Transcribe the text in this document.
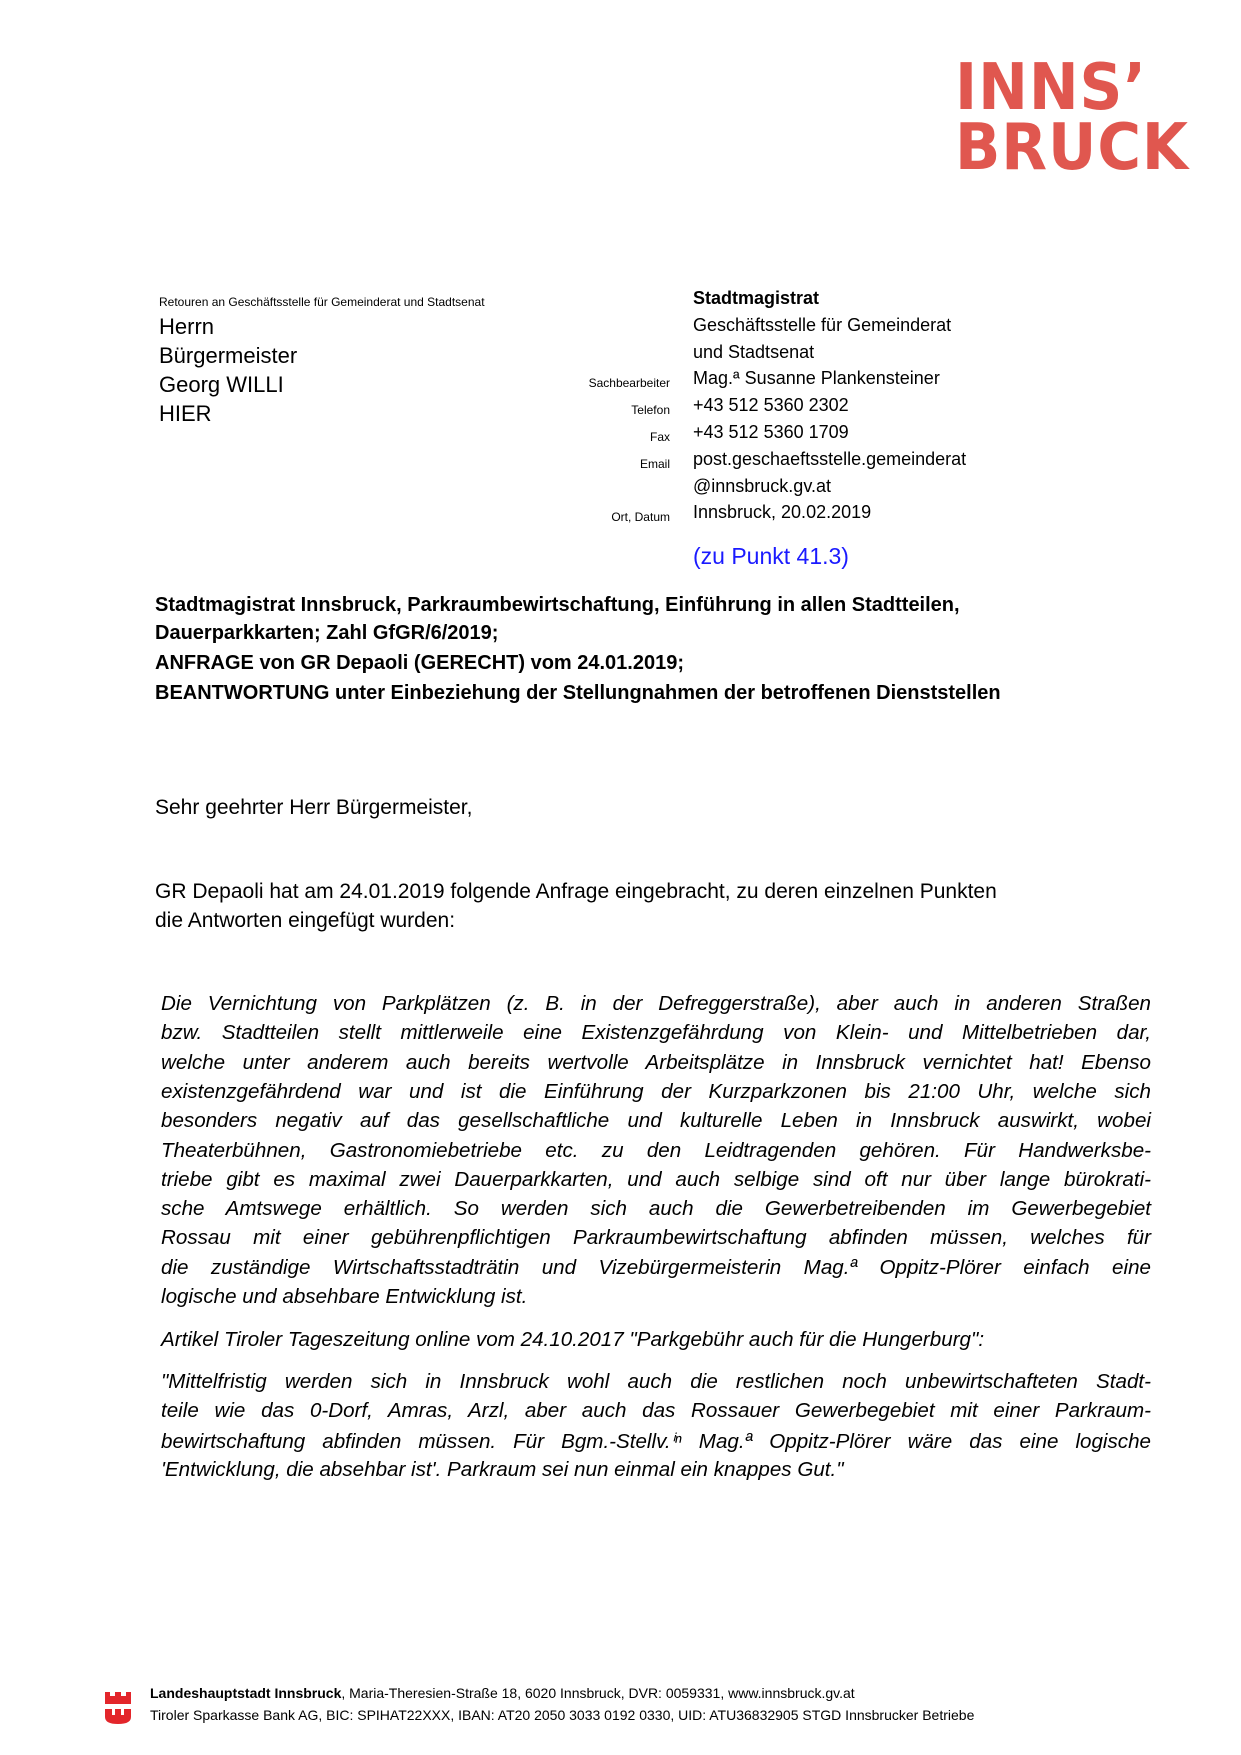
INNS’
BRUCK
Retouren an Geschäftsstelle für Gemeinderat und Stadtsenat
Herrn
Bürgermeister
Georg WILLI
HIER
Stadtmagistrat
Geschäftsstelle für Gemeinderat
und Stadtsenat
Sachbearbeiter Mag.ª Susanne Plankensteiner
Telefon +43 512 5360 2302
Fax +43 512 5360 1709
Email post.geschaeftsstelle.gemeinderat
@innsbruck.gv.at
Ort, Datum Innsbruck, 20.02.2019
(zu Punkt 41.3)
Stadtmagistrat Innsbruck, Parkraumbewirtschaftung, Einführung in allen Stadtteilen,
Dauerparkkarten; Zahl GfGR/6/2019;
ANFRAGE von GR Depaoli (GERECHT) vom 24.01.2019;
BEANTWORTUNG unter Einbeziehung der Stellungnahmen der betroffenen Dienststellen
Sehr geehrter Herr Bürgermeister,
GR Depaoli hat am 24.01.2019 folgende Anfrage eingebracht, zu deren einzelnen Punkten
die Antworten eingefügt wurden:
Die Vernichtung von Parkplätzen (z. B. in der Defreggerstraße), aber auch in anderen Straßen
bzw. Stadtteilen stellt mittlerweile eine Existenzgefährdung von Klein- und Mittelbetrieben dar,
welche unter anderem auch bereits wertvolle Arbeitsplätze in Innsbruck vernichtet hat! Ebenso
existenzgefährdend war und ist die Einführung der Kurzparkzonen bis 21:00 Uhr, welche sich
besonders negativ auf das gesellschaftliche und kulturelle Leben in Innsbruck auswirkt, wobei
Theaterbühnen, Gastronomiebetriebe etc. zu den Leidtragenden gehören. Für Handwerksbe-
triebe gibt es maximal zwei Dauerparkkarten, und auch selbige sind oft nur über lange bürokrati-
sche Amtswege erhältlich. So werden sich auch die Gewerbetreibenden im Gewerbegebiet
Rossau mit einer gebührenpflichtigen Parkraumbewirtschaftung abfinden müssen, welches für
die zuständige Wirtschaftsstadträtin und Vizebürgermeisterin Mag.ª Oppitz-Plörer einfach eine
logische und absehbare Entwicklung ist.
Artikel Tiroler Tageszeitung online vom 24.10.2017 "Parkgebühr auch für die Hungerburg":
"Mittelfristig werden sich in Innsbruck wohl auch die restlichen noch unbewirtschafteten Stadt-
teile wie das 0-Dorf, Amras, Arzl, aber auch das Rossauer Gewerbegebiet mit einer Parkraum-
bewirtschaftung abfinden müssen. Für Bgm.-Stellv.ⁱⁿ Mag.ª Oppitz-Plörer wäre das eine logische
'Entwicklung, die absehbar ist'. Parkraum sei nun einmal ein knappes Gut."
Landeshauptstadt Innsbruck, Maria-Theresien-Straße 18, 6020 Innsbruck, DVR: 0059331, www.innsbruck.gv.at
Tiroler Sparkasse Bank AG, BIC: SPIHAT22XXX, IBAN: AT20 2050 3033 0192 0330, UID: ATU36832905 STGD Innsbrucker Betriebe
